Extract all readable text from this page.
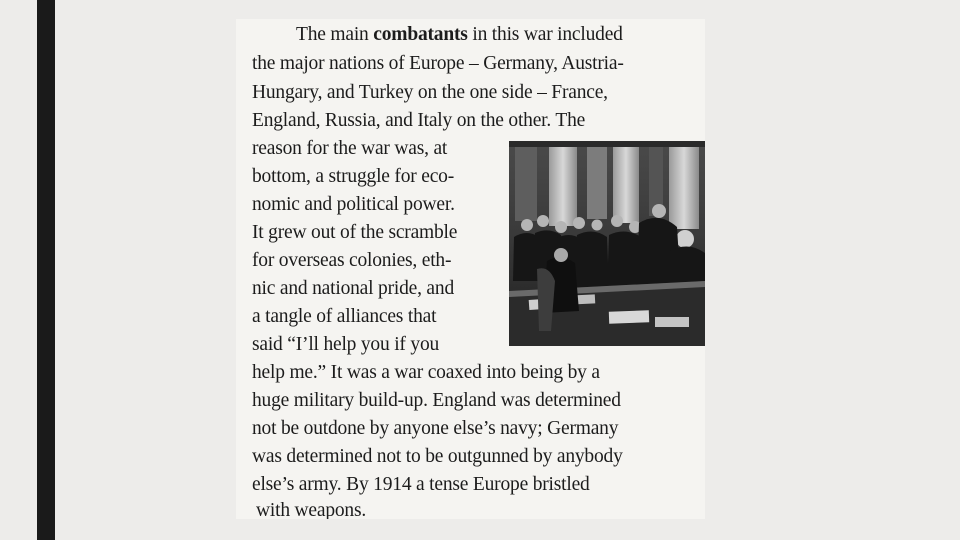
The main combatants in this war included
the major nations of Europe – Germany, Austria-
Hungary, and Turkey on the one side – France,
England, Russia, and Italy on the other. The
reason for the war was, at
bottom, a struggle for eco-
nomic and political power.
It grew out of the scramble
for overseas colonies, eth-
nic and national pride, and
a tangle of alliances that
said “I’ll help you if you
help me.” It was a war coaxed into being by a
huge military build-up. England was determined
not be outdone by anyone else’s navy; Germany
was determined not to be outgunned by anybody
else’s army. By 1914 a tense Europe bristled
with weapons.
